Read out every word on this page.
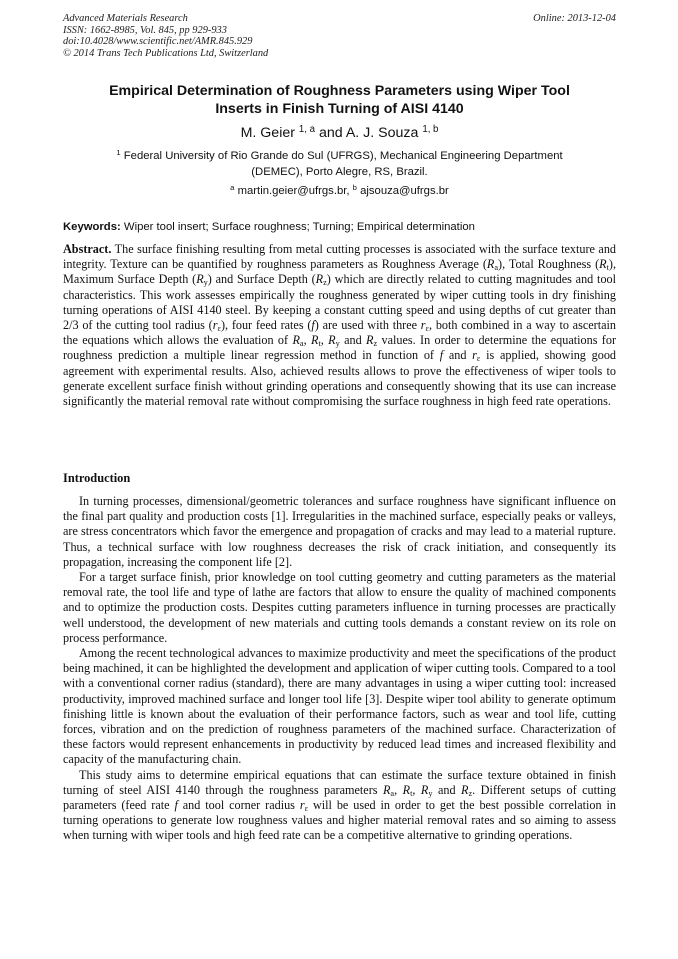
Advanced Materials Research
ISSN: 1662-8985, Vol. 845, pp 929-933
doi:10.4028/www.scientific.net/AMR.845.929
© 2014 Trans Tech Publications Ltd, Switzerland
Online: 2013-12-04
Empirical Determination of Roughness Parameters using Wiper Tool
Inserts in Finish Turning of AISI 4140
M. Geier $^{1, a}$ and A. J. Souza $^{1, b}$
$^1$ Federal University of Rio Grande do Sul (UFRGS), Mechanical Engineering Department
(DEMEC), Porto Alegre, RS, Brazil.
$^a$ martin.geier@ufrgs.br, $^b$ ajsouza@ufrgs.br
Keywords: Wiper tool insert; Surface roughness; Turning; Empirical determination
Abstract. The surface finishing resulting from metal cutting processes is associated with the surface texture and integrity. Texture can be quantified by roughness parameters as Roughness Average $(R_a)$, Total Roughness $(R_t)$, Maximum Surface Depth $(R_y)$ and Surface Depth $(R_z)$ which are directly related to cutting magnitudes and tool characteristics. This work assesses empirically the roughness generated by wiper cutting tools in dry finishing turning operations of AISI 4140 steel. By keeping a constant cutting speed and using depths of cut greater than 2/3 of the cutting tool radius $(r_\varepsilon)$, four feed rates (f) are used with three $r_\varepsilon$, both combined in a way to ascertain the equations which allows the evaluation of $R_a$, $R_t$, $R_y$ and $R_z$ values. In order to determine the equations for roughness prediction a multiple linear regression method in function of f and $r_\varepsilon$ is applied, showing good agreement with experimental results. Also, achieved results allows to prove the effectiveness of wiper tools to generate excellent surface finish without grinding operations and consequently showing that its use can increase significantly the material removal rate without compromising the surface roughness in high feed rate operations.
Introduction

In turning processes, dimensional/geometric tolerances and surface roughness have significant influence on the final part quality and production costs [1]. Irregularities in the machined surface, especially peaks or valleys, are stress concentrators which favor the emergence and propagation of cracks and may lead to a material rupture. Thus, a technical surface with low roughness decreases the risk of crack initiation, and consequently its propagation, increasing the component life [2].

For a target surface finish, prior knowledge on tool cutting geometry and cutting parameters as the material removal rate, the tool life and type of lathe are factors that allow to ensure the quality of machined components and to optimize the production costs. Despites cutting parameters influence in turning processes are practically well understood, the development of new materials and cutting tools demands a constant review on its role on process performance.

Among the recent technological advances to maximize productivity and meet the specifications of the product being machined, it can be highlighted the development and application of wiper cutting tools. Compared to a tool with a conventional corner radius (standard), there are many advantages in using a wiper cutting tool: increased productivity, improved machined surface and longer tool life [3]. Despite wiper tool ability to generate optimum finishing little is known about the evaluation of their performance factors, such as wear and tool life, cutting forces, vibration and on the prediction of roughness parameters of the machined surface. Characterization of these factors would represent enhancements in productivity by reduced lead times and increased flexibility and capacity of the manufacturing chain.

This study aims to determine empirical equations that can estimate the surface texture obtained in finish turning of steel AISI 4140 through the roughness parameters $R_a$, $R_t$, $R_y$ and $R_z$. Different setups of cutting parameters (feed rate f and tool corner radius $r_\varepsilon$ will be used in order to get the best possible correlation in turning operations to generate low roughness values and higher material removal rates and so aiming to assess when turning with wiper tools and high feed rate can be a competitive alternative to grinding operations.
